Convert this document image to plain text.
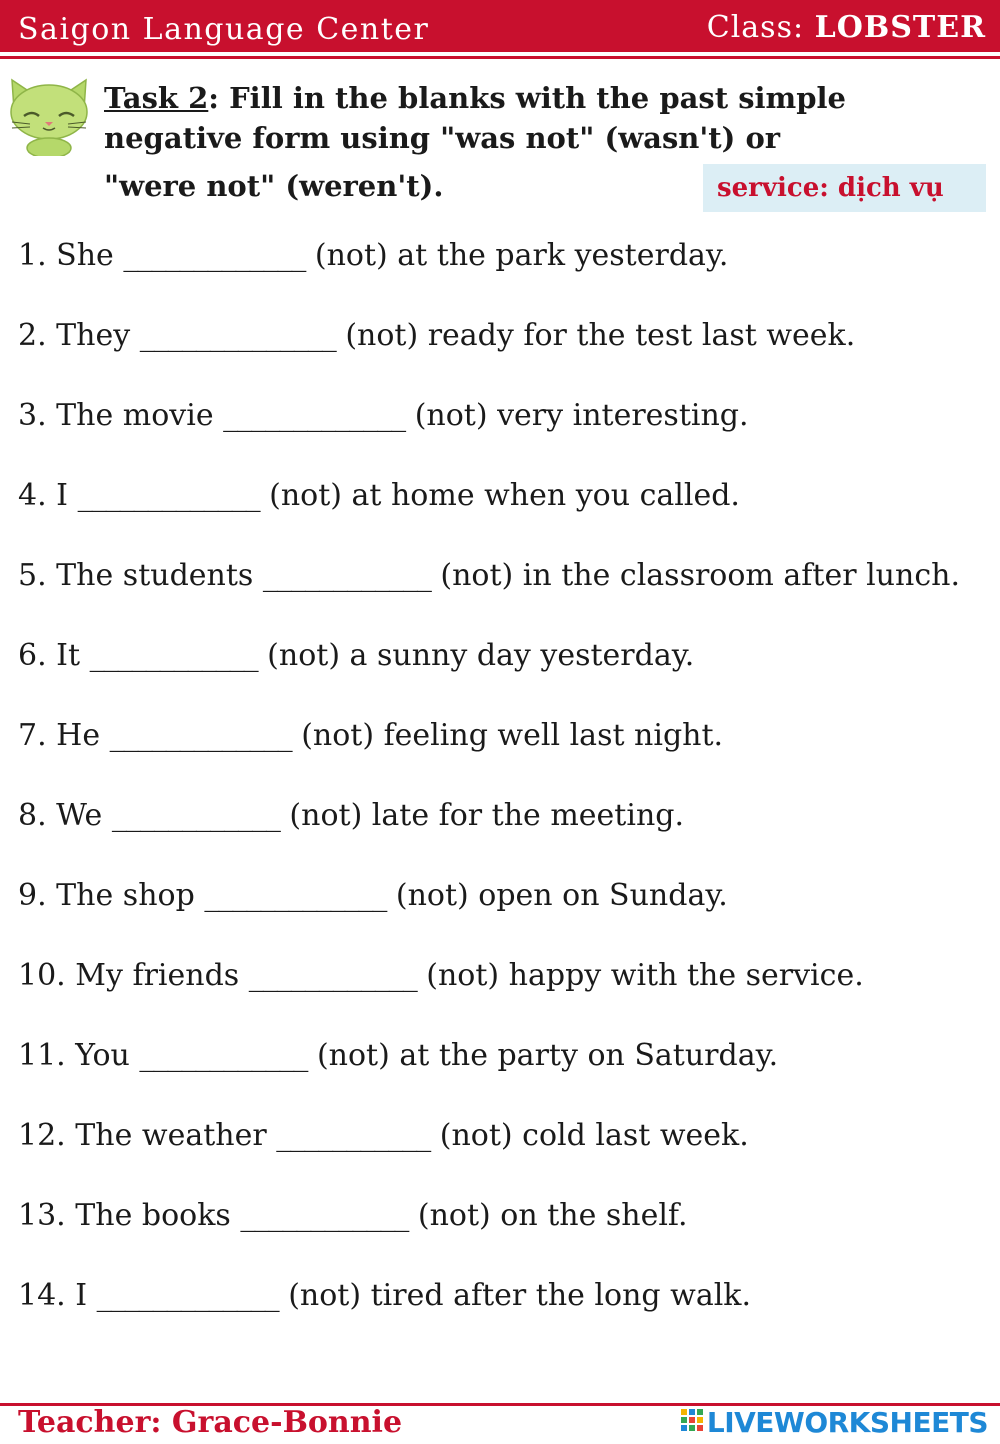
Saigon Language Center	Class: LOBSTER
Task 2: Fill in the blanks with the past simple
negative form using "was not" (wasn't) or
"were not" (weren't).	service: dịch vụ
1. She _____________ (not) at the park yesterday.
2. They ______________ (not) ready for the test last week.
3. The movie _____________ (not) very interesting.
4. I _____________ (not) at home when you called.
5. The students ____________ (not) in the classroom after lunch.
6. It ____________ (not) a sunny day yesterday.
7. He _____________ (not) feeling well last night.
8. We ____________ (not) late for the meeting.
9. The shop _____________ (not) open on Sunday.
10. My friends ____________ (not) happy with the service.
11. You ____________ (not) at the party on Saturday.
12. The weather ___________ (not) cold last week.
13. The books ____________ (not) on the shelf.
14. I _____________ (not) tired after the long walk.
Teacher: Grace-Bonnie	LIVEWORKSHEETS
